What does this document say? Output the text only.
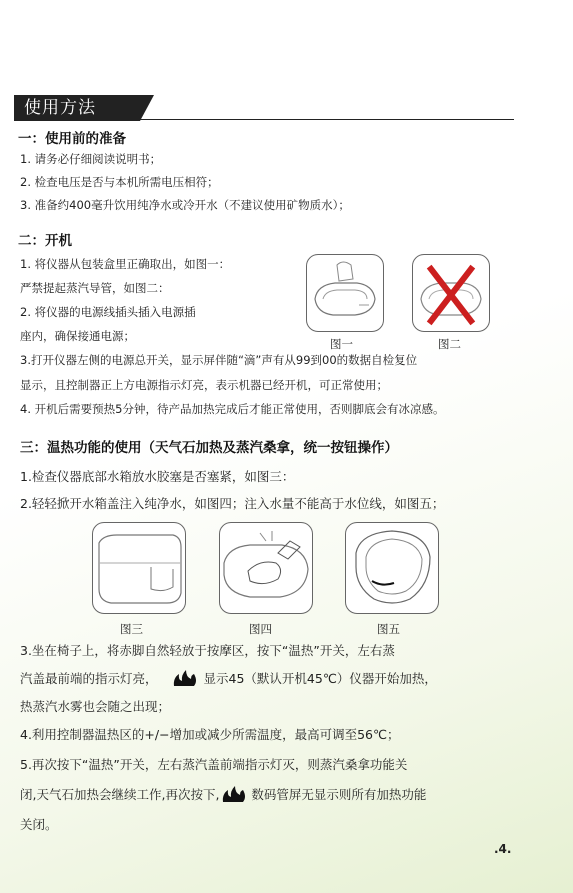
使用方法
一：使用前的准备
1. 请务必仔细阅读说明书；
2. 检查电压是否与本机所需电压相符；
3. 准备约400毫升饮用纯净水或冷开水（不建议使用矿物质水）；
二：开机
1. 将仪器从包装盒里正确取出，如图一：
严禁提起蒸汽导管，如图二：
2. 将仪器的电源线插头插入电源插
座内，确保接通电源；
图一	图二
3.打开仪器左侧的电源总开关，显示屏伴随“滴”声有从99到00的数据自检复位
显示，且控制器正上方电源指示灯亮，表示机器已经开机，可正常使用；
4. 开机后需要预热5分钟，待产品加热完成后才能正常使用，否则脚底会有冰凉感。
三：温热功能的使用（天气石加热及蒸汽桑拿，统一按钮操作）
1.检查仪器底部水箱放水胶塞是否塞紧，如图三：
2.轻轻掀开水箱盖注入纯净水，如图四；注入水量不能高于水位线，如图五；
图三	图四	图五
3.坐在椅子上，将赤脚自然轻放于按摩区，按下“温热”开关，左右蒸
汽盖最前端的指示灯亮，	显示45（默认开机45℃）仪器开始加热，
热蒸汽水雾也会随之出现；
4.利用控制器温热区的+/−增加或减少所需温度，最高可调至56℃；
5.再次按下“温热”开关，左右蒸汽盖前端指示灯灭，则蒸汽桑拿功能关
闭,天气石加热会继续工作,再次按下,	数码管屏无显示则所有加热功能
关闭。
.4.
